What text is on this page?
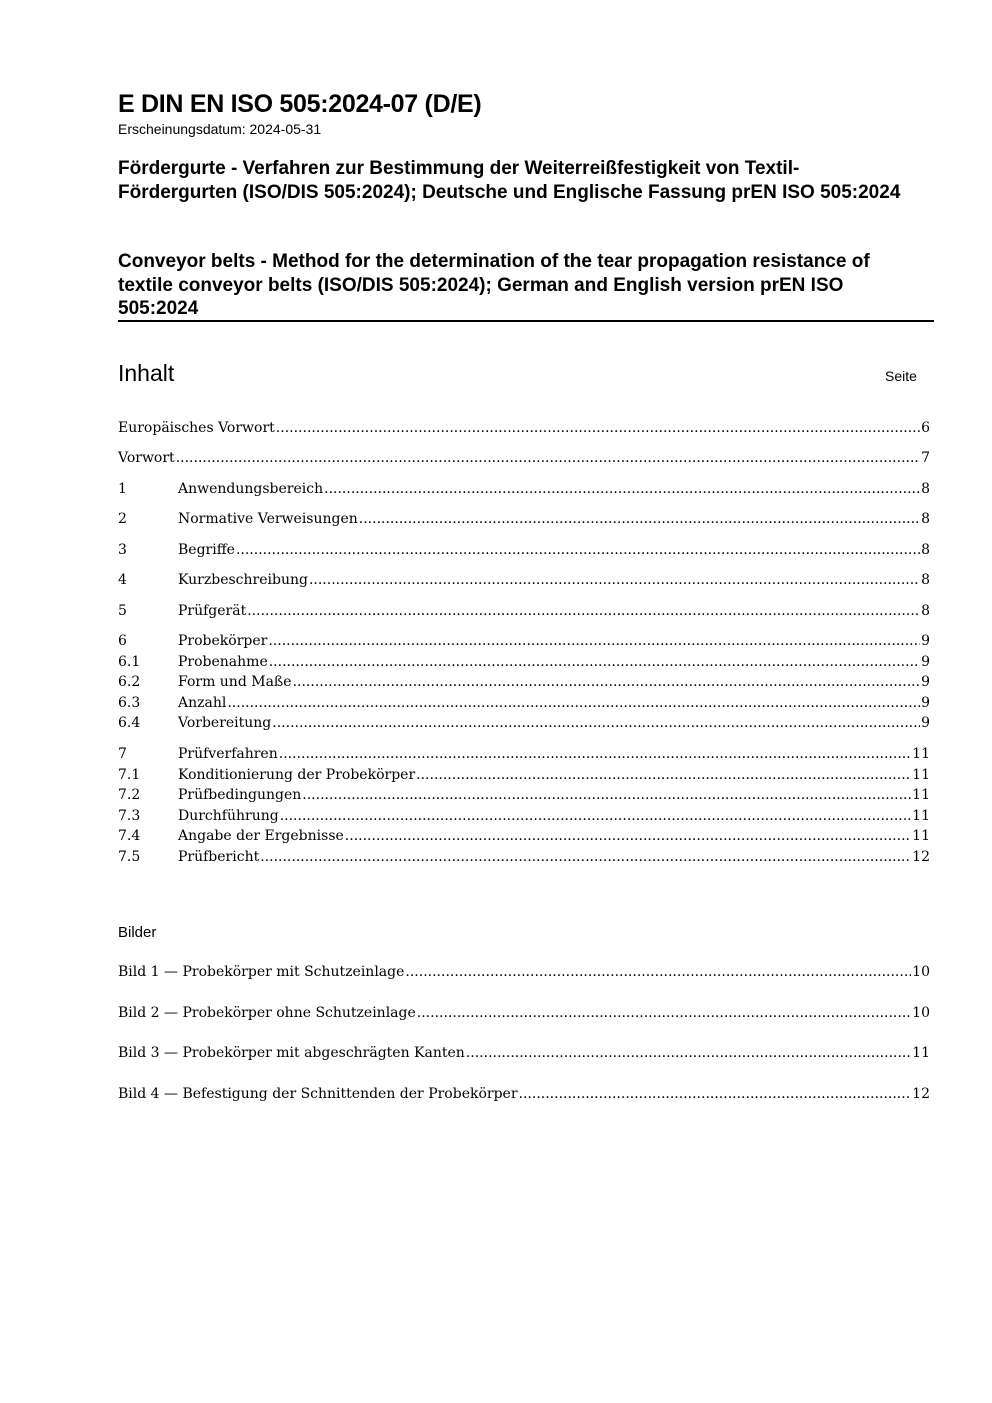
E DIN EN ISO 505:2024-07 (D/E)
Erscheinungsdatum: 2024-05-31
Fördergurte - Verfahren zur Bestimmung der Weiterreißfestigkeit von Textil-Fördergurten (ISO/DIS 505:2024); Deutsche und Englische Fassung prEN ISO 505:2024
Conveyor belts - Method for the determination of the tear propagation resistance of textile conveyor belts (ISO/DIS 505:2024); German and English version prEN ISO 505:2024
Inhalt	Seite
Europäisches Vorwort .....	6
Vorwort .....	7
1	Anwendungsbereich .....	8
2	Normative Verweisungen .....	8
3	Begriffe .....	8
4	Kurzbeschreibung .....	8
5	Prüfgerät .....	8
6	Probekörper .....	9
6.1	Probenahme .....	9
6.2	Form und Maße .....	9
6.3	Anzahl .....	9
6.4	Vorbereitung .....	9
7	Prüfverfahren .....	11
7.1	Konditionierung der Probekörper .....	11
7.2	Prüfbedingungen .....	11
7.3	Durchführung .....	11
7.4	Angabe der Ergebnisse .....	11
7.5	Prüfbericht .....	12
Bilder
Bild 1 — Probekörper mit Schutzeinlage .....	10
Bild 2 — Probekörper ohne Schutzeinlage .....	10
Bild 3 — Probekörper mit abgeschrägten Kanten .....	11
Bild 4 — Befestigung der Schnittenden der Probekörper .....	12
